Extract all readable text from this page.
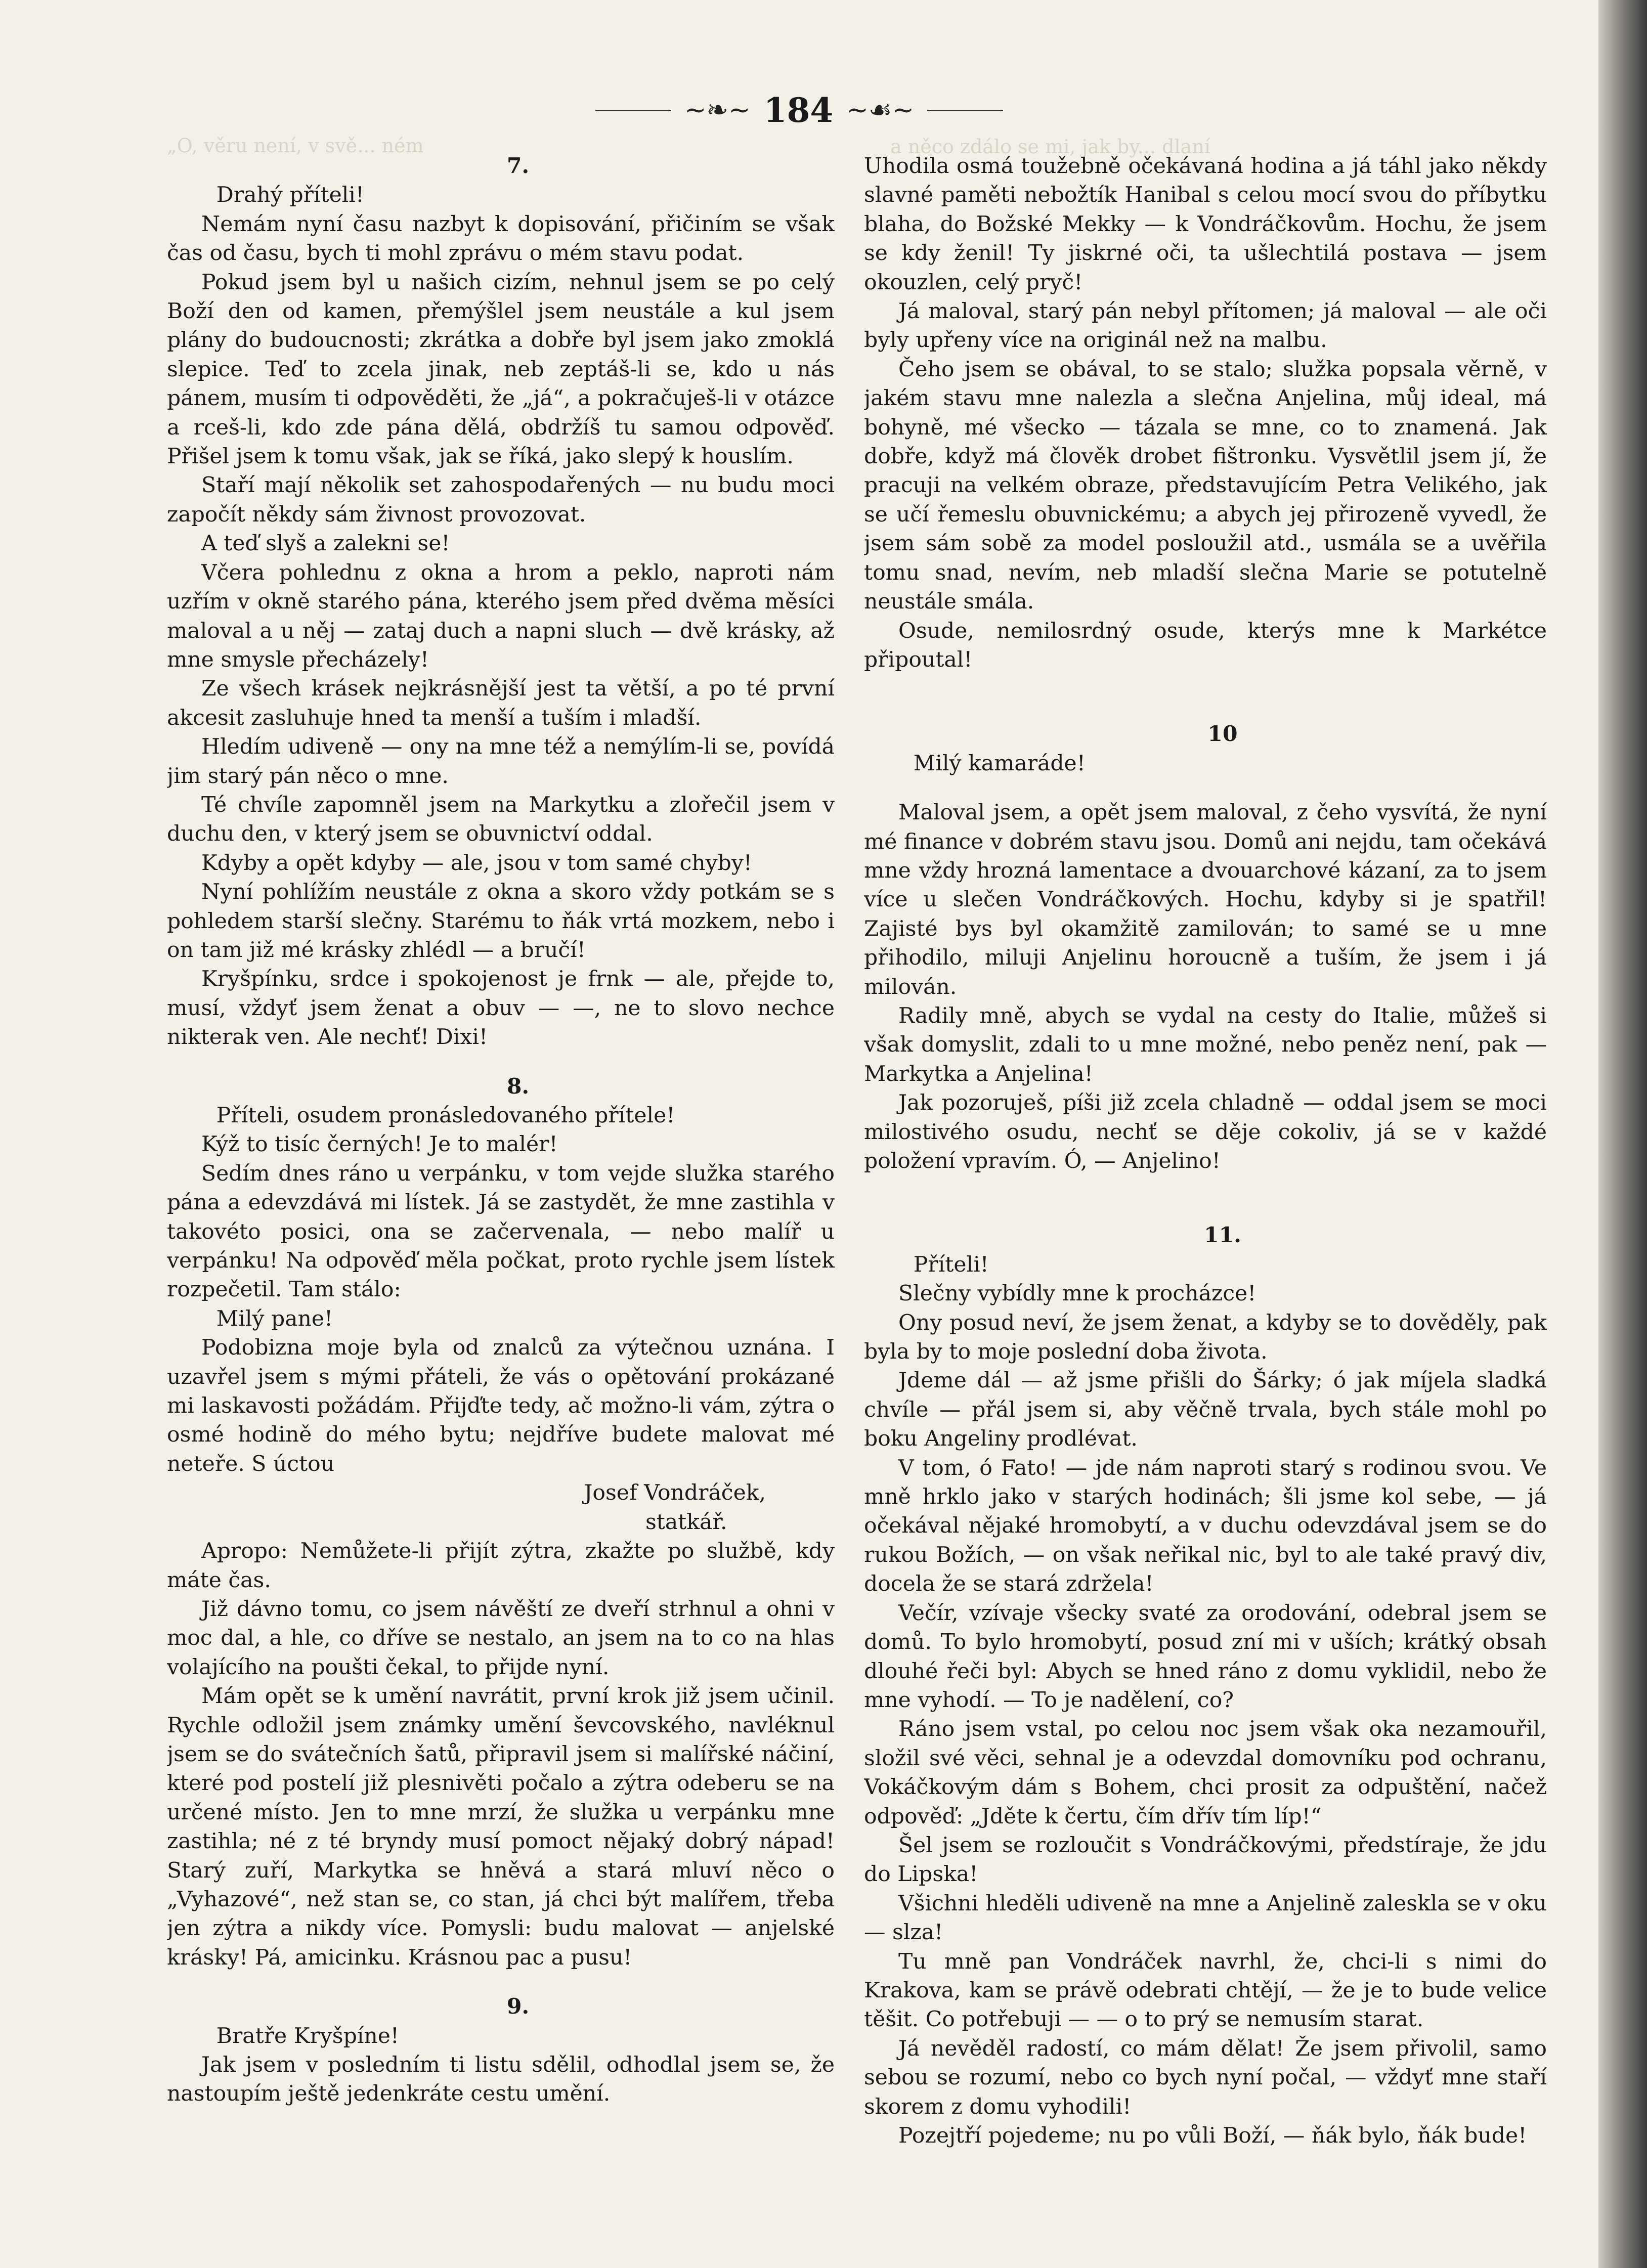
„O, věru není, v svě... ném	a něco zdálo se mi, jak by... dlaní
~❧~ 184 ~☙~

7.

Drahý příteli!

Nemám nyní času nazbyt k dopisování, přičiním se však čas od času, bych ti mohl zprávu o mém stavu podat.

Pokud jsem byl u našich cizím, nehnul jsem se po celý Boží den od kamen, přemýšlel jsem neustále a kul jsem plány do budoucnosti; zkrátka a dobře byl jsem jako zmoklá slepice. Teď to zcela jinak, neb zeptáš-li se, kdo u nás pánem, musím ti odpověděti, že „já“, a pokračuješ-li v otázce a rceš-li, kdo zde pána dělá, obdržíš tu samou odpověď. Přišel jsem k tomu však, jak se říká, jako slepý k houslím.

Staří mají několik set zahospodařených — nu budu moci započít někdy sám živnost provozovat.

A teď slyš a zalekni se!

Včera pohlednu z okna a hrom a peklo, naproti nám uzřím v okně starého pána, kterého jsem před dvěma měsíci maloval a u něj — zataj duch a napni sluch — dvě krásky, až mne smysle přecházely!

Ze všech krásek nejkrásnější jest ta větší, a po té první akcesit zasluhuje hned ta menší a tuším i mladší.

Hledím udiveně — ony na mne též a nemýlím-li se, povídá jim starý pán něco o mne.

Té chvíle zapomněl jsem na Markytku a zlořečil jsem v duchu den, v který jsem se obuvnictví oddal.

Kdyby a opět kdyby — ale, jsou v tom samé chyby!

Nyní pohlížím neustále z okna a skoro vždy potkám se s pohledem starší slečny. Starému to ňák vrtá mozkem, nebo i on tam již mé krásky zhlédl — a bručí!

Kryšpínku, srdce i spokojenost je frnk — ale, přejde to, musí, vždyť jsem ženat a obuv — —, ne to slovo nechce nikterak ven. Ale nechť! Dixi!

8.

Příteli, osudem pronásledovaného přítele!

Kýž to tisíc černých! Je to malér!

Sedím dnes ráno u verpánku, v tom vejde služka starého pána a edevzdává mi lístek. Já se zastydět, že mne zastihla v takovéto posici, ona se začervenala, — nebo malíř u verpánku! Na odpověď měla počkat, proto rychle jsem lístek rozpečetil. Tam stálo:

Milý pane!

Podobizna moje byla od znalců za výtečnou uznána. I uzavřel jsem s mými přáteli, že vás o opětování prokázané mi laskavosti požádám. Přijďte tedy, ač možno-li vám, zýtra o osmé hodině do mého bytu; nejdříve budete malovat mé neteře. S úctou

Josef Vondráček,

statkář.

Apropo: Nemůžete-li přijít zýtra, zkažte po službě, kdy máte čas.

Již dávno tomu, co jsem návěští ze dveří strhnul a ohni v moc dal, a hle, co dříve se nestalo, an jsem na to co na hlas volajícího na poušti čekal, to přijde nyní.

Mám opět se k umění navrátit, první krok již jsem učinil. Rychle odložil jsem známky umění ševcovského, navléknul jsem se do svátečních šatů, připravil jsem si malířské náčiní, které pod postelí již plesnivěti počalo a zýtra odeberu se na určené místo. Jen to mne mrzí, že služka u verpánku mne zastihla; né z té bryndy musí pomoct nějaký dobrý nápad! Starý zuří, Markytka se hněvá a stará mluví něco o „Vyhazové“, než stan se, co stan, já chci být malířem, třeba jen zýtra a nikdy více. Pomysli: budu malovat — anjelské krásky! Pá, amicinku. Krásnou pac a pusu!

9.

Bratře Kryšpíne!

Jak jsem v posledním ti listu sdělil, odhodlal jsem se, že nastoupím ještě jedenkráte cestu umění.

Uhodila osmá toužebně očekávaná hodina a já táhl jako někdy slavné paměti nebožtík Hanibal s celou mocí svou do příbytku blaha, do Božské Mekky — k Vondráčkovům. Hochu, že jsem se kdy ženil! Ty jiskrné oči, ta ušlechtilá postava — jsem okouzlen, celý pryč!

Já maloval, starý pán nebyl přítomen; já maloval — ale oči byly upřeny více na originál než na malbu.

Čeho jsem se obával, to se stalo; služka popsala věrně, v jakém stavu mne nalezla a slečna Anjelina, můj ideal, má bohyně, mé všecko — tázala se mne, co to znamená. Jak dobře, když má člověk drobet fištronku. Vysvětlil jsem jí, že pracuji na velkém obraze, představujícím Petra Velikého, jak se učí řemeslu obuvnickému; a abych jej přirozeně vyvedl, že jsem sám sobě za model posloužil atd., usmála se a uvěřila tomu snad, nevím, neb mladší slečna Marie se potutelně neustále smála.

Osude, nemilosrdný osude, kterýs mne k Markétce připoutal!

10

Milý kamaráde!

Maloval jsem, a opět jsem maloval, z čeho vysvítá, že nyní mé finance v dobrém stavu jsou. Domů ani nejdu, tam očekává mne vždy hrozná lamentace a dvouarchové kázaní, za to jsem více u slečen Vondráčkových. Hochu, kdyby si je spatřil! Zajisté bys byl okamžitě zamilován; to samé se u mne přihodilo, miluji Anjelinu horoucně a tuším, že jsem i já milován.

Radily mně, abych se vydal na cesty do Italie, můžeš si však domyslit, zdali to u mne možné, nebo peněz není, pak — Markytka a Anjelina!

Jak pozoruješ, píši již zcela chladně — oddal jsem se moci milostivého osudu, nechť se děje cokoliv, já se v každé položení vpravím. Ó, — Anjelino!

11.

Příteli!

Slečny vybídly mne k procházce!

Ony posud neví, že jsem ženat, a kdyby se to dověděly, pak byla by to moje poslední doba života.

Jdeme dál — až jsme přišli do Šárky; ó jak míjela sladká chvíle — přál jsem si, aby věčně trvala, bych stále mohl po boku Angeliny prodlévat.

V tom, ó Fato! — jde nám naproti starý s rodinou svou. Ve mně hrklo jako v starých hodinách; šli jsme kol sebe, — já očekával nějaké hromobytí, a v duchu odevzdával jsem se do rukou Božích, — on však neřikal nic, byl to ale také pravý div, docela že se stará zdržela!

Večír, vzívaje všecky svaté za orodování, odebral jsem se domů. To bylo hromobytí, posud zní mi v uších; krátký obsah dlouhé řeči byl: Abych se hned ráno z domu vyklidil, nebo že mne vyhodí. — To je nadělení, co?

Ráno jsem vstal, po celou noc jsem však oka nezamouřil, složil své věci, sehnal je a odevzdal domovníku pod ochranu, Vokáčkovým dám s Bohem, chci prosit za odpuštění, načež odpověď: „Jděte k čertu, čím dřív tím líp!“

Šel jsem se rozloučit s Vondráčkovými, předstíraje, že jdu do Lipska!

Všichni hleděli udiveně na mne a Anjelině zaleskla se v oku — slza!

Tu mně pan Vondráček navrhl, že, chci-li s nimi do Krakova, kam se právě odebrati chtějí, — že je to bude velice těšit. Co potřebuji — — o to prý se nemusím starat.

Já nevěděl radostí, co mám dělat! Že jsem přivolil, samo sebou se rozumí, nebo co bych nyní počal, — vždyť mne staří skorem z domu vyhodili!

Pozejtří pojedeme; nu po vůli Boží, — ňák bylo, ňák bude!
